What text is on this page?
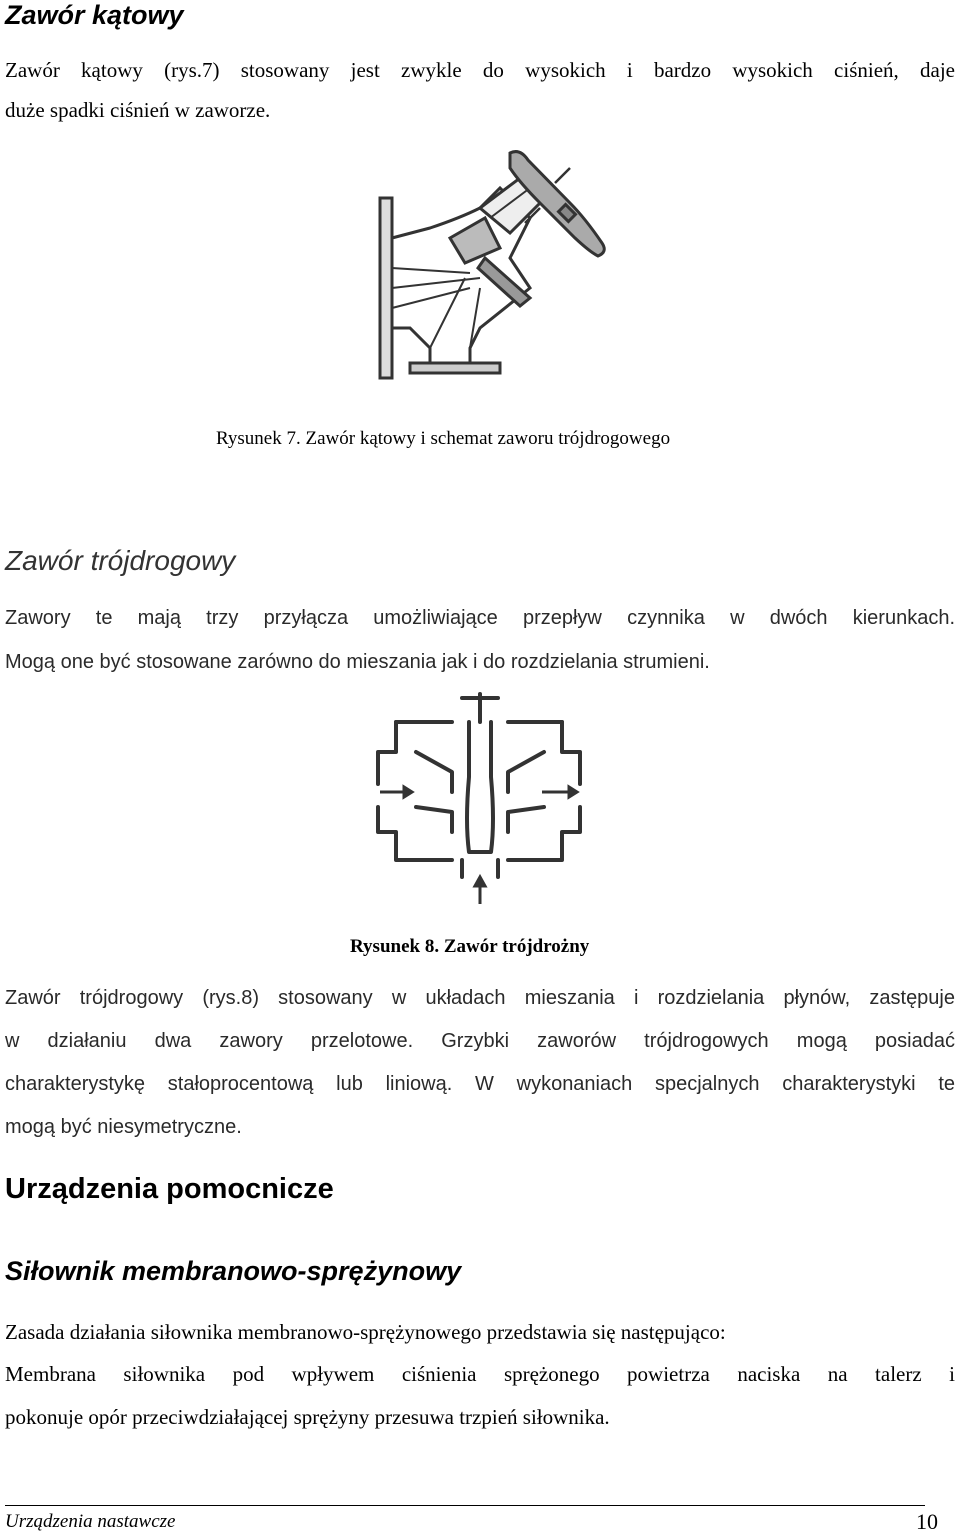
Zawór kątowy
Zawór kątowy (rys.7) stosowany jest zwykle do wysokich i bardzo wysokich ciśnień, daje
duże spadki ciśnień w zaworze.
Rysunek 7. Zawór kątowy i schemat zaworu trójdrogowego
Zawór trójdrogowy
Zawory te mają trzy przyłącza umożliwiające przepływ czynnika w dwóch kierunkach.
Mogą one być stosowane zarówno do mieszania jak i do rozdzielania strumieni.
Rysunek 8. Zawór trójdrożny
Zawór trójdrogowy (rys.8) stosowany w układach mieszania i rozdzielania płynów, zastępuje
w działaniu dwa zawory przelotowe. Grzybki zaworów trójdrogowych mogą posiadać
charakterystykę stałoprocentową lub liniową. W wykonaniach specjalnych charakterystyki te
mogą być niesymetryczne.
Urządzenia pomocnicze
Siłownik membranowo-sprężynowy
Zasada działania siłownika membranowo-sprężynowego przedstawia się następująco:
Membrana siłownika pod wpływem ciśnienia sprężonego powietrza naciska na talerz i
pokonuje opór przeciwdziałającej sprężyny przesuwa trzpień siłownika.
Urządzenia nastawcze	10
